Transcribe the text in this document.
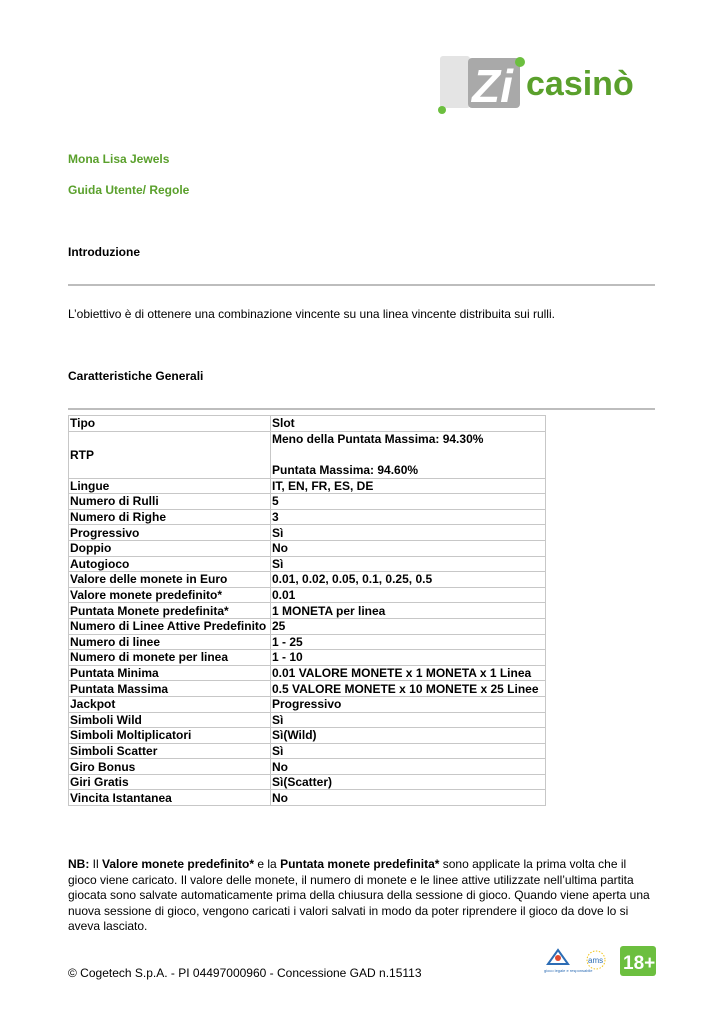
Zi casinò
Mona Lisa Jewels
Guida Utente/ Regole
Introduzione
L’obiettivo è di ottenere una combinazione vincente su una linea vincente distribuita sui rulli.
Caratteristiche Generali
Tipo	Slot
RTP	Meno della Puntata Massima: 94.30%
Puntata Massima: 94.60%

Lingue	IT, EN, FR, ES, DE
Numero di Rulli	5
Numero di Righe	3
Progressivo	Sì
Doppio	No
Autogioco	Sì
Valore delle monete in Euro	0.01, 0.02, 0.05, 0.1, 0.25, 0.5
Valore monete predefinito*	0.01
Puntata Monete predefinita*	1 MONETA per linea
Numero di Linee Attive Predefinito	25
Numero di linee	1 - 25
Numero di monete per linea	1 - 10
Puntata Minima	0.01 VALORE MONETE x 1 MONETA x 1 Linea
Puntata Massima	0.5 VALORE MONETE x 10 MONETE x 25 Linee
Jackpot	Progressivo
Simboli Wild	Sì
Simboli Moltiplicatori	Sì(Wild)
Simboli Scatter	Sì
Giro Bonus	No
Giri Gratis	Sì(Scatter)
Vincita Istantanea	No
NB: Il Valore monete predefinito* e la Puntata monete predefinita* sono applicate la prima volta che il gioco viene caricato. Il valore delle monete, il numero di monete e le linee attive utilizzate nell’ultima partita giocata sono salvate automaticamente prima della chiusura della sessione di gioco. Quando viene aperta una nuova sessione di gioco, vengono caricati i valori salvati in modo da poter riprendere il gioco da dove lo si aveva lasciato.
© Cogetech S.p.A. - PI 04497000960 - Concessione GAD n.15113	gioco legale e responsabile
ams 18+
